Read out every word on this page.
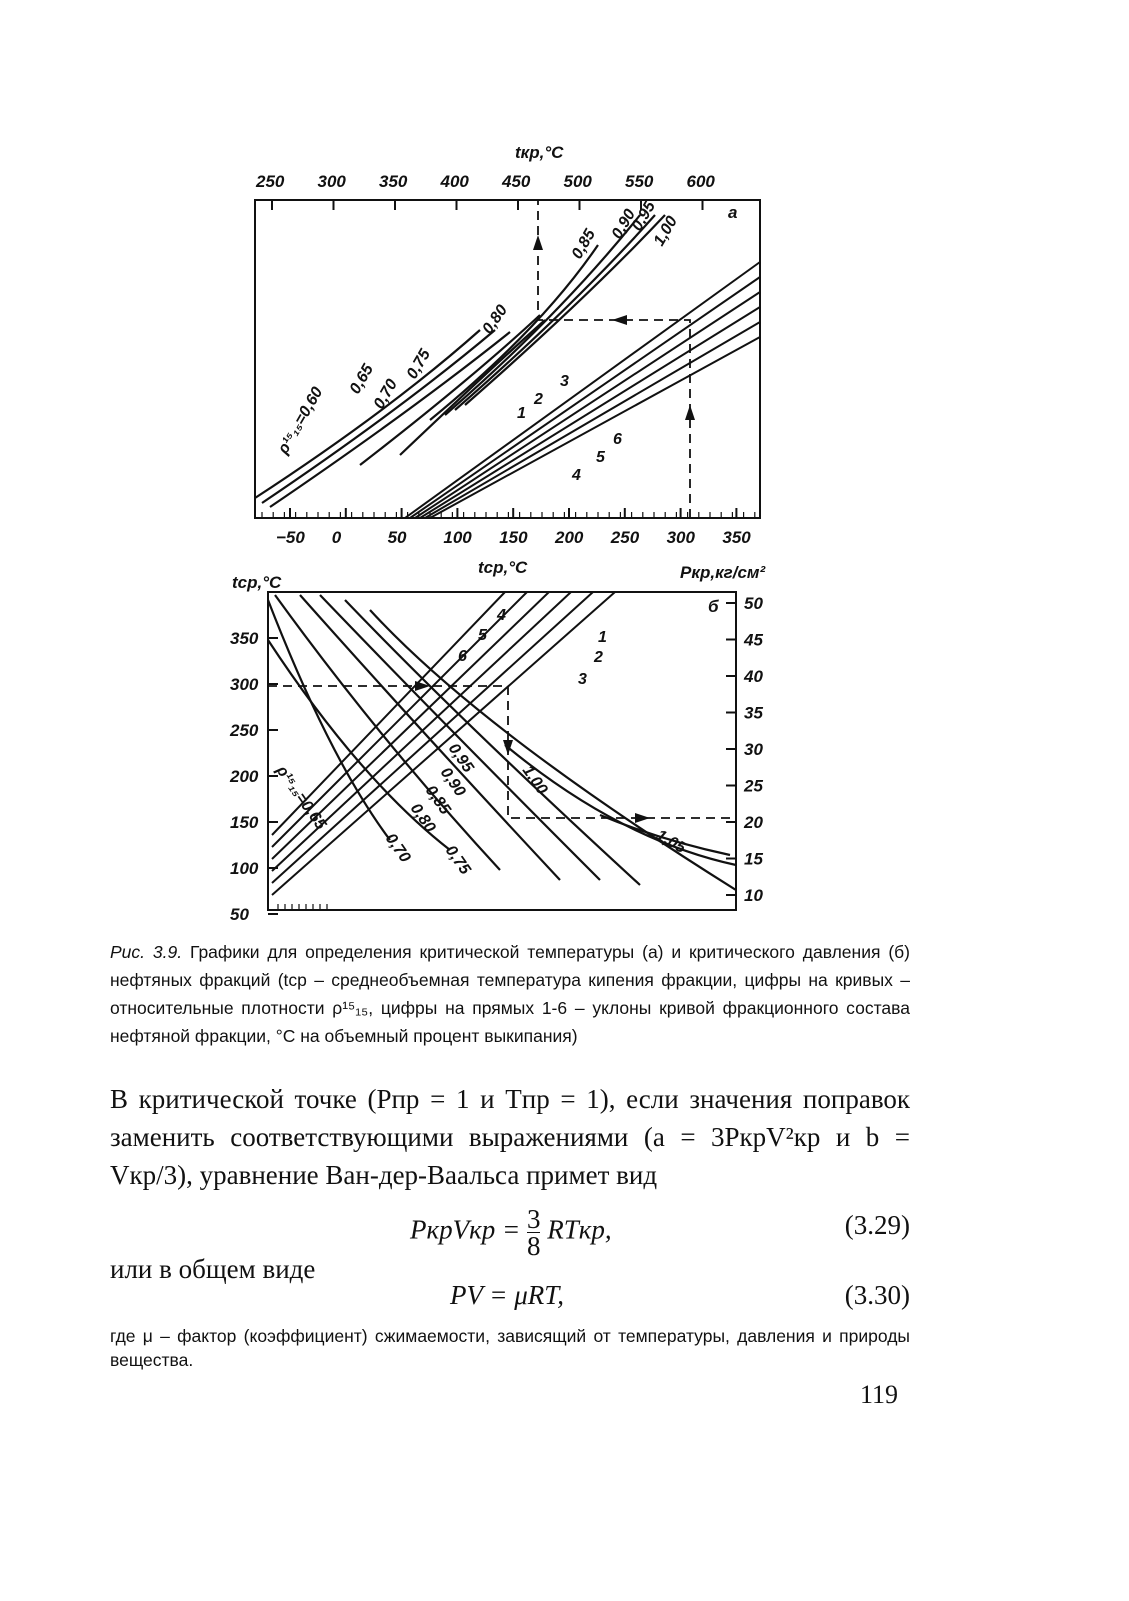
tкр,°C
а
tср,°C
250 300 350 400 450 500 550 600
−50 0	50 100 150 200 250 300 350
ρ¹⁵₁₅=0,60
0,65
0,70
0,75
0,80
0,85
0,90
0,95
1,00
1
2
3
4
5
6
tср,°C
Pкр,кг/см²
б
350
300
250
200
150
100
50
50
45
40
35
30
25
20
15
10
1
2
3
4
5
6
ρ¹⁵₁₅=0,65
0,70 0,75
0,80
0,85
0,90
0,95
1,00
1,05
Рис. 3.9. Графики для определения критической температуры (а) и критического давления (б) нефтяных фракций (tср – среднеобъемная температура кипения фракции, цифры на кривых – относительные плотности ρ¹⁵₁₅, цифры на прямых 1-6 – уклоны кривой фракционного состава нефтяной фракции, °C на объемный процент выкипания)
В критической точке (Pпр = 1 и Tпр = 1), если значения поправок заменить соответствующими выражениями (a = 3PкрV²кр и b = Vкр/3), уравнение Ван-дер-Ваальса примет вид
PкрVкр = $\frac{3}{8}$ RTкр,	(3.29)
или в общем виде
PV = μRT,	(3.30)
где μ – фактор (коэффициент) сжимаемости, зависящий от температуры, давления и природы вещества.
119
